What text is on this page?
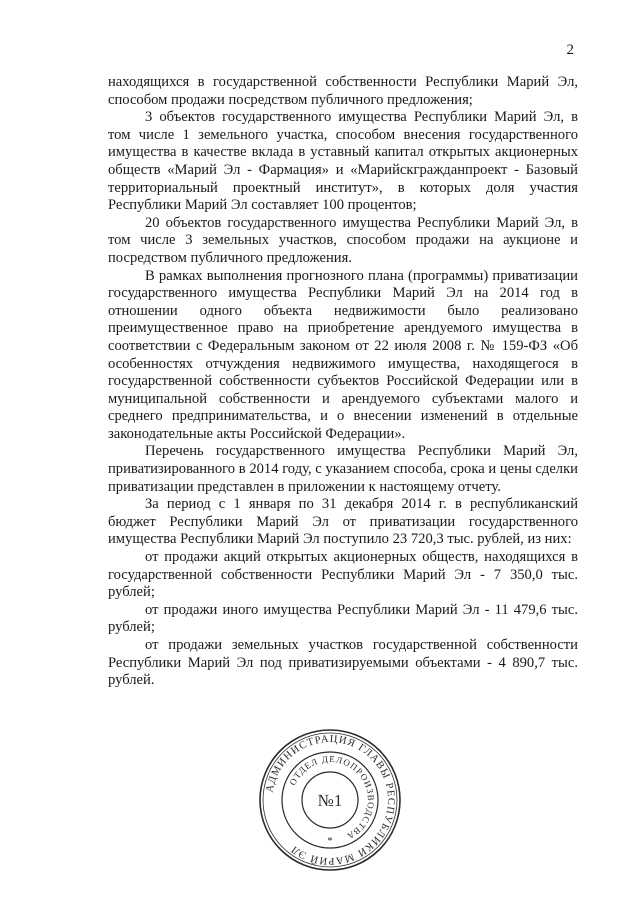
2

находящихся в государственной собственности Республики Марий Эл, способом продажи посредством публичного предложения;

3 объектов государственного имущества Республики Марий Эл, в том числе 1 земельного участка, способом внесения государственного имущества в качестве вклада в уставный капитал открытых акционерных обществ «Марий Эл - Фармация» и «Марийскгражданпроект - Базовый территориальный проектный институт», в которых доля участия Республики Марий Эл составляет 100 процентов;

20 объектов государственного имущества Республики Марий Эл, в том числе 3 земельных участков, способом продажи на аукционе и посредством публичного предложения.

В рамках выполнения прогнозного плана (программы) приватизации государственного имущества Республики Марий Эл на 2014 год в отношении одного объекта недвижимости было реализовано преимущественное право на приобретение арендуемого имущества в соответствии с Федеральным законом от 22 июля 2008 г. № 159-ФЗ «Об особенностях отчуждения недвижимого имущества, находящегося в государственной собственности субъектов Российской Федерации или в муниципальной собственности и арендуемого субъектами малого и среднего предпринимательства, и о внесении изменений в отдельные законодательные акты Российской Федерации».

Перечень государственного имущества Республики Марий Эл, приватизированного в 2014 году, с указанием способа, срока и цены сделки приватизации представлен в приложении к настоящему отчету.

За период с 1 января по 31 декабря 2014 г. в республиканский бюджет Республики Марий Эл от приватизации государственного имущества Республики Марий Эл поступило 23 720,3 тыс. рублей, из них:

от продажи акций открытых акционерных обществ, находящихся в государственной собственности Республики Марий Эл - 7 350,0 тыс. рублей;

от продажи иного имущества Республики Марий Эл - 11 479,6 тыс. рублей;

от продажи земельных участков государственной собственности Республики Марий Эл под приватизируемыми объектами - 4 890,7 тыс. рублей.

АДМИНИСТРАЦИЯ ГЛАВЫ РЕСПУБЛИКИ МАРИЙ ЭЛ
ОТДЕЛ ДЕЛОПРОИЗВОДСТВА
№1
*
